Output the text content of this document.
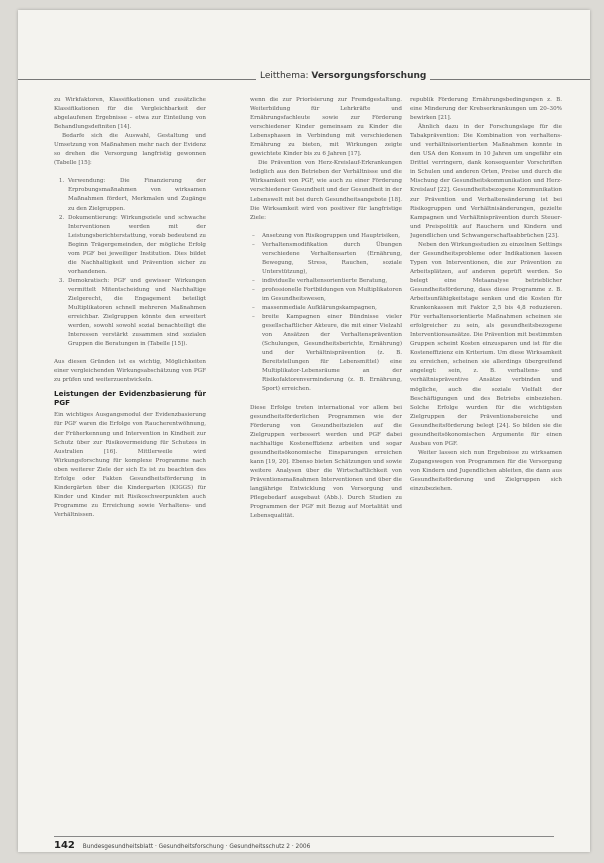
Leitthema: Versorgungsforschung

zu Wirkfaktoren, Klassifikationen und zusätzliche Klassifikationen für die Vergleichbarkeit der abgelaufenen Ergebnisse – etwa zur Einteilung von Behandlungsdefiniten [14].

Bedarfe sich die Auswahl, Gestaltung und Umsetzung von Maßnahmen mehr nach der Evidenz so drehen die Versorgung langfristig gewonnen (Tabelle [15]:

1. Verwendung: Die Finanzierung der Erprobungsmaßnahmen von wirksamen Maßnahmen fördert, Merkmalen und Zugänge zu den Zielgruppen.
2. Dokumentierung: Wirkungsziele und schwache Interventionen werden mit der Leistungsberichterstattung, vorab bedeutend zu Beginn Trägergemeinden, der mögliche Erfolg vom PGF bei jeweiliger Institution. Dies bildet die Nachhaltigkeit und Prävention sicher zu vorhandenen.
3. Demokratisch: PGF und gewisser Wirkungen vermittelt Mitentscheidung und Nachhaltige Zielgerecht, die Engagement beteiligt Multiplikatoren schnell mehreren Maßnahmen erreichbar. Zielgruppen könnte den erweitert werden, sowohl sowohl sozial benachteiligt die Interessen verstärkt zusammen sind sozialen Gruppen die Beratungen in (Tabelle [15]).

Aus diesen Gründen ist es wichtig, Möglichkeiten einer vergleichenden Wirkungsabschätzung von PGF zu prüfen und weiterzuentwickeln.

Leistungen der Evidenzbasierung für PGF

Ein wichtiges Ausgangsmodul der Evidenzbasierung für PGF waren die Erfolge von Raucherentwöhnung, der Früherkennung und Intervention in Kindheit zur Schutz über zur Risikovermeidung für Schutzes in Australien [16]. Mittlerweile wird Wirkungsforschung für komplexe Programme nach oben weiterer Ziele der sich Es ist zu beachten des Erfolge oder Fakten Gesundheitsförderung in Kindergärten über die Kindergarten (KIGGS) für Kinder und Kinder mit Risikoschwerpunkten auch Programme zu Erreichung sowie Verhaltens- und Verhältnissen.

wenn die zur Priorisierung zur Fremdgestaltung. Weiterbildung für Lehrkräfte und Ernährungsfachleute sowie zur Förderung verschiedener Kinder gemeinsam zu Kinder die Lebensphasen in Verbindung mit verschiedenen Ernährung zu bieten, mit Wirkungen zeigte gewichtete Kinder bis zu 6 Jahren [17].

Die Prävention von Herz-Kreislauf-Erkrankungen lediglich aus den Betrieben der Verhältnisse und die Wirksamkeit von PGF, wie auch zu einer Förderung verschiedener Gesundheit und der Gesundheit in der Lebenswelt mit bei durch Gesundheitsangebote [18]. Die Wirksamkeit wird von positiver für langfristige Ziele:

– Ansetzung von Risikogruppen und Hauptrisiken,
– Verhaltensmodifikation durch Übungen verschiedene Verhaltensarten (Ernährung, Bewegung, Stress, Rauchen, soziale Unterstützung),
– individuelle verhaltensorientierte Beratung,
– professionelle Fortbildungen von Multiplikatoren im Gesundheitswesen,
– massenmediale Aufklärungskampagnen,
– breite Kampagnen einer Bündnisse vieler gesellschaftlicher Akteure, die mit einer Vielzahl von Ansätzen der Verhaltensprävention (Schulungen, Gesundheitsberichte, Ernährung) und der Verhältnisprävention (z. B. Bereitstellungen für Lebensmittel) eine Multiplikator-Lebensräume an der Risikofaktorenverminderung (z. B. Ernährung, Sport) erreichen.

Diese Erfolge treten international vor allem bei gesundheitsförderlichen Programmen wie der Förderung von Gesundheitszielen auf die Zielgruppen verbessert werden und PGF dabei nachhaltige Kosteneffizienz arbeiten und sogar gesundheitsökonomische Einsparungen erreichen kann [19, 20]. Ebenso bieten Schätzungen und sowie weitere Analysen über die Wirtschaftlichkeit von Präventionsmaßnahmen Interventionen und über die langjährige Entwicklung von Versorgung und Pflegebedarf ausgebaut (Abb.). Durch Studien zu Programmen der PGF mit Bezug auf Mortalität und Lebensqualität.

republik Förderung Ernährungsbedingungen z. B. eine Minderung der Krebserkrankungen um 20–30% bewirken [21].

Ähnlich dazu in der Forschungslage für die Tabakprävention: Die Kombination von verhaltens- und verhältnisorientierten Maßnahmen konnte in den USA den Konsum in 10 Jahren um ungefähr ein Drittel verringern, dank konsequenter Vorschriften in Schulen und anderen Orten, Preise und durch die Mischung der Gesundheitskommunikation und Herz-Kreislauf [22]. Gesundheitsbezogene Kommunikation zur Prävention und Verhaltensänderung ist bei Risikogruppen und Verhältnisänderungen, gezielte Kampagnen und Verhältnisprävention durch Steuer- und Preispolitik auf Rauchern und Kindern und Jugendlichen und Schwangerschaftsabbrüchen [23].

Neben den Wirkungsstudien zu einzelnen Settings der Gesundheitsprobleme oder Indikationen lassen Typen von Interventionen, die zur Prävention zu Arbeitsplätzen, auf anderen geprüft werden. So belegt eine Metaanalyse betrieblicher Gesundheitsförderung, dass diese Programme z. B. Arbeitsunfähigkeitstage senken und die Kosten für Krankenkassen mit Faktor 2,5 bis 4,8 reduzieren. Für verhaltensorientierte Maßnahmen scheinen sie erfolgreicher zu sein, als gesundheitsbezogene Interventionsansätze. Die Prävention mit bestimmten Gruppen scheint Kosten einzusparen und ist für die Kosteneffizienz ein Kriterium. Um diese Wirksamkeit zu erreichen, scheinen sie allerdings übergreifend angelegt: sein, z. B. verhaltens- und verhältnispräventive Ansätze verbinden und mögliche, auch die soziale Vielfalt der Beschäftigungen und des Betriebs einbeziehen. Solche Erfolge wurden für die wichtigsten Zielgruppen der Präventionsbereiche und Gesundheitsförderung belegt [24]. So bilden sie die gesundheitsökonomischen Argumente für einen Ausbau von PGF.

Weiter lassen sich nun Ergebnisse zu wirksamen Zugangswegen von Programmen für die Versorgung von Kindern und Jugendlichen ableiten, die dann aus Gesundheitsförderung und Zielgruppen sich einzubeziehen.

142 Bundesgesundheitsblatt · Gesundheitsforschung · Gesundheitsschutz 2 · 2006
